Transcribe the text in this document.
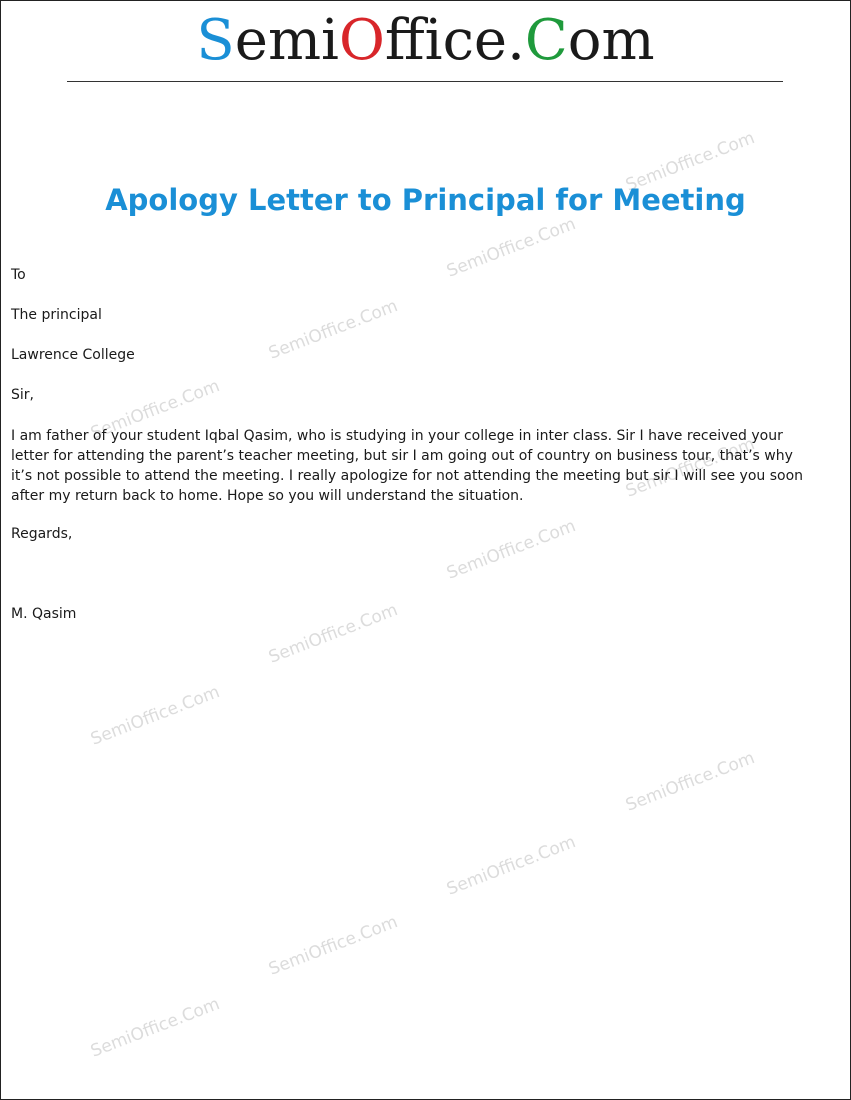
SemiOffice.Com
SemiOffice.Com
SemiOffice.Com
SemiOffice.Com
SemiOffice.Com
SemiOffice.Com
SemiOffice.Com
SemiOffice.Com
SemiOffice.Com
SemiOffice.Com
SemiOffice.Com
SemiOffice.Com
SemiOffice.Com
Apology Letter to Principal for Meeting
To
The principal
Lawrence College
Sir,
I am father of your student Iqbal Qasim, who is studying in your college in inter class. Sir I have received your
letter for attending the parent’s teacher meeting, but sir I am going out of country on business tour, that’s why
it’s not possible to attend the meeting. I really apologize for not attending the meeting but sir I will see you soon
after my return back to home. Hope so you will understand the situation.
Regards,
M. Qasim
